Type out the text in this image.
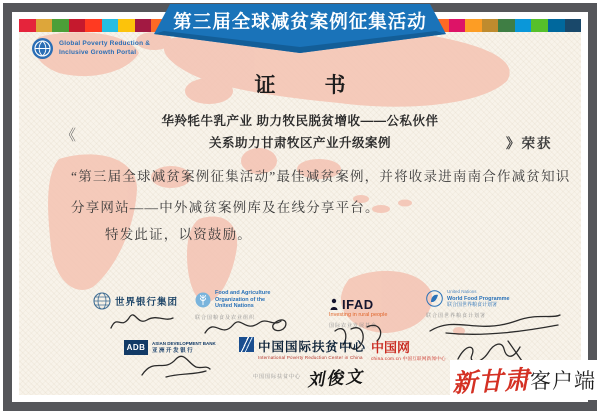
Global Poverty Reduction &
Inclusive Growth Portal
证　书
《
华羚牦牛乳产业 助力牧民脱贫增收——公私伙伴
关系助力甘肃牧区产业升级案例	》荣获
“第三届全球减贫案例征集活动”最佳减贫案例，并将收录进南南合作减贫知识
分享网站——中外减贫案例库及在线分享平台。
特发此证，以资鼓励。
世界银行集团
Food and Agriculture
Organization of the
United Nations
联合国粮食及农业组织
IFAD
Investing in rural people
国际农业发展基金
United Nations
World Food Programme
联合国世界粮食计划署
联合国世界粮食计划署
ADB	ASIAN DEVELOPMENT BANK
亚 洲 开 发 银 行	中国国际扶贫中心
International Poverty Reduction Center in China
中国国际扶贫中心 刘俊文
中国网
china.com.cn 中国互联网新闻中心
第三届全球减贫案例征集活动
新甘肃 客户端
